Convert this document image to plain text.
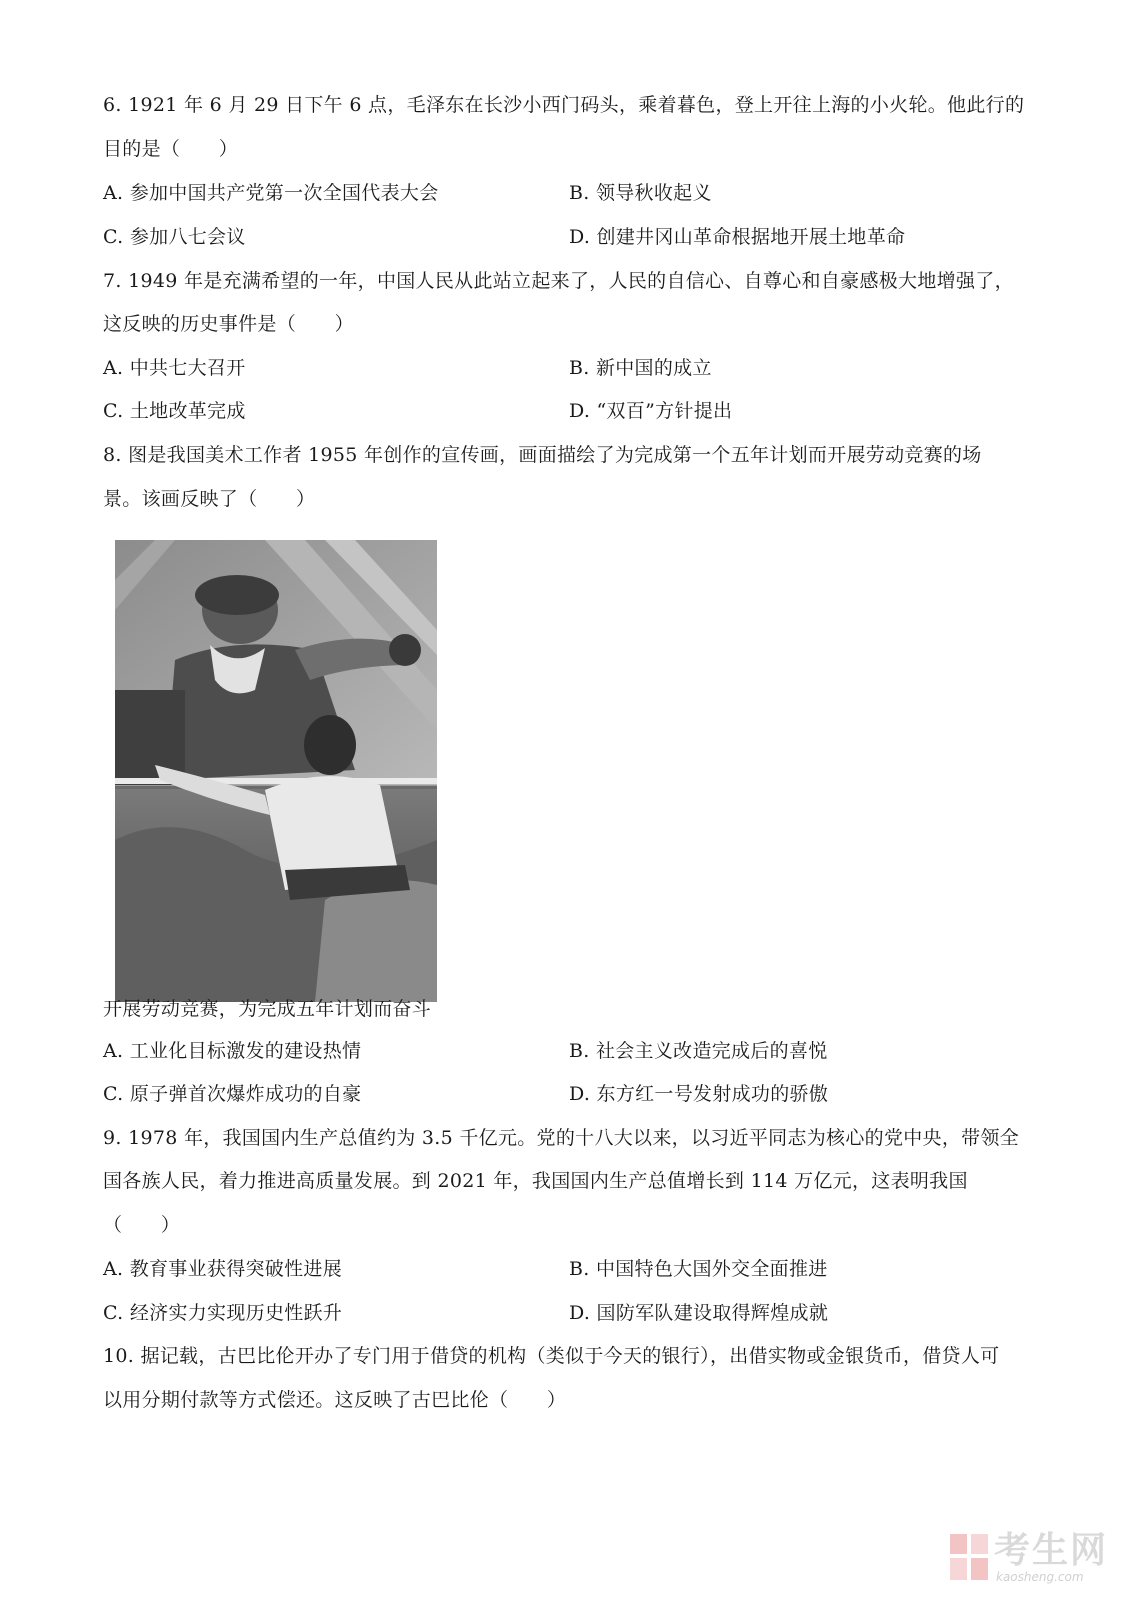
6. 1921 年 6 月 29 日下午 6 点，毛泽东在长沙小西门码头，乘着暮色，登上开往上海的小火轮。他此行的
目的是（　　）
A. 参加中国共产党第一次全国代表大会	B. 领导秋收起义
C. 参加八七会议	D. 创建井冈山革命根据地开展土地革命
7. 1949 年是充满希望的一年，中国人民从此站立起来了，人民的自信心、自尊心和自豪感极大地增强了，
这反映的历史事件是（　　）
A. 中共七大召开	B. 新中国的成立
C. 土地改革完成	D. “双百”方针提出
8. 图是我国美术工作者 1955 年创作的宣传画，画面描绘了为完成第一个五年计划而开展劳动竞赛的场
景。该画反映了（　　）
开展劳动竞赛，为完成五年计划而奋斗
A. 工业化目标激发的建设热情	B. 社会主义改造完成后的喜悦
C. 原子弹首次爆炸成功的自豪	D. 东方红一号发射成功的骄傲
9. 1978 年，我国国内生产总值约为 3.5 千亿元。党的十八大以来，以习近平同志为核心的党中央，带领全
国各族人民，着力推进高质量发展。到 2021 年，我国国内生产总值增长到 114 万亿元，这表明我国
（　　）
A. 教育事业获得突破性进展	B. 中国特色大国外交全面推进
C. 经济实力实现历史性跃升	D. 国防军队建设取得辉煌成就
10. 据记载，古巴比伦开办了专门用于借贷的机构（类似于今天的银行），出借实物或金银货币，借贷人可
以用分期付款等方式偿还。这反映了古巴比伦（　　）
考生网
kaosheng.com
